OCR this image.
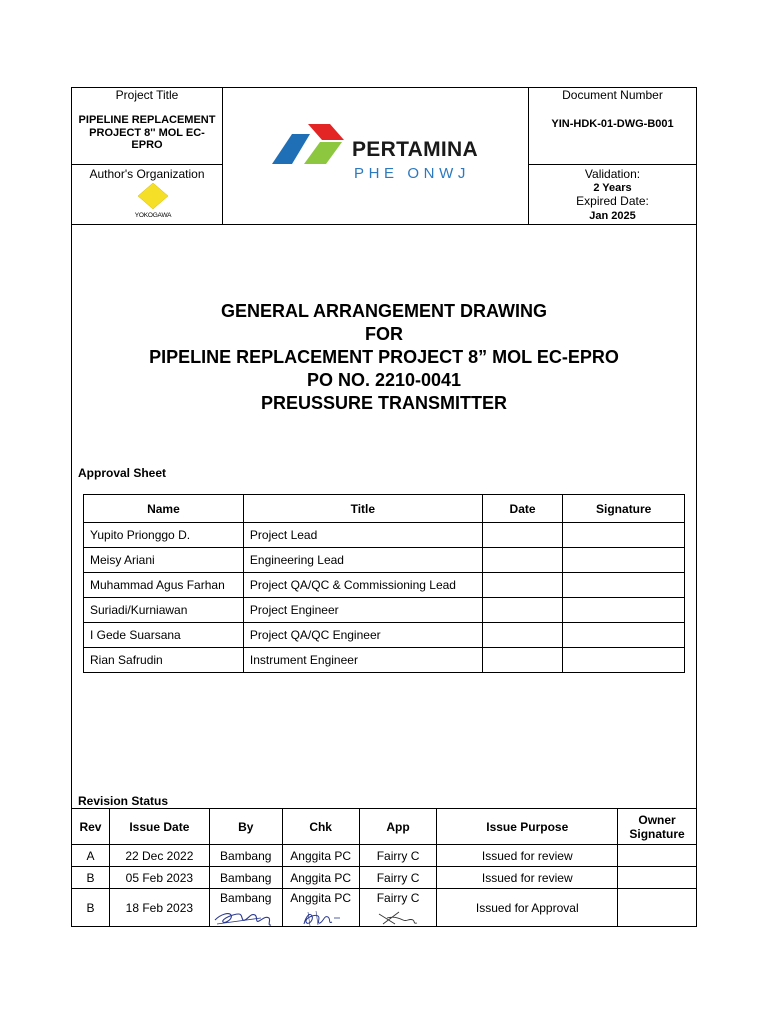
Project Title
PIPELINE REPLACEMENT
PROJECT 8'' MOL EC-
EPRO
Author's Organization
YOKOGAWA
PERTAMINA
PHE ONWJ
Document Number
YIN-HDK-01-DWG-B001
Validation:
2 Years
Expired Date:
Jan 2025
GENERAL ARRANGEMENT DRAWING
FOR
PIPELINE REPLACEMENT PROJECT 8” MOL EC-EPRO
PO NO. 2210-0041
PREUSSURE TRANSMITTER
Approval Sheet
Name	Title	Date	Signature
Yupito Prionggo D.	Project Lead		
Meisy Ariani	Engineering Lead		
Muhammad Agus Farhan	Project QA/QC & Commissioning Lead		
Suriadi/Kurniawan	Project Engineer		
I Gede Suarsana	Project QA/QC Engineer		
Rian Safrudin	Instrument Engineer		
Revision Status
Rev	Issue Date	By	Chk	App	Issue Purpose	Owner
Signature

A	22 Dec 2022	Bambang	Anggita PC	Fairry C	Issued for review	
B	05 Feb 2023	Bambang	Anggita PC	Fairry C	Issued for review	
B	18 Feb 2023	Bambang	Anggita PC	Fairry C	Issued for Approval	
